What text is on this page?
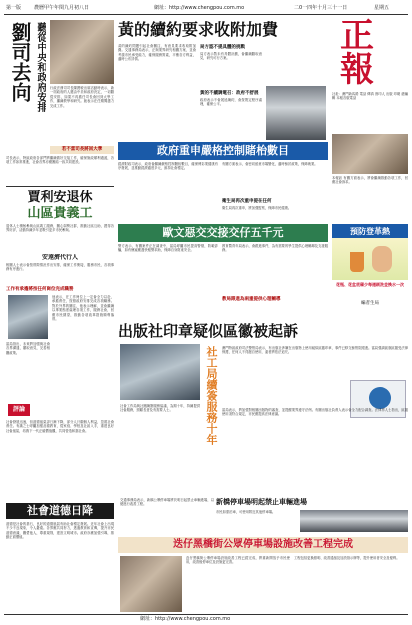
第一版	農曆甲午年閏九月初八日	網址：http://www.chengpou.com.mo	二0一四年十月三十一日	星期五
劉司去向 聽從中央和政府安排 行政法務司司長陳麗敏出席活動時表示，新一屆政府的人選由中央和政府決定，一切聽從安排，如果不再擔任司長會回到大學工作，繼續教學和研究。她表示在任期間盡力完成工作。
若不當司長將回大學
司長表示，特區政府各部門將繼續做好交接工作，確保施政順利過渡，各項工作如常推進，社會各界亦應團結一致共同建設。
賈利安退休
山區貴義工
退休人士積極參與山區義工服務，關心弱勢社群，推動社區互助，獲得各界好評，活動持續多年並吸引更多市民參與。
安遠濟代行人
相關人士表示會按實際情況作出安排，確保工作銜接，服務市民，各項事務有序進行。
工作有承擔將按任何崗位完成職務
他表示，在工作崗位上一定會全力以赴，承擔責任，按照政府安排完成各項職務。對於外界的關注，他表示理解，並會繼續以專業態度處理各項工作，服務社會，回應市民期望，推動各項改革措施順利落實。
當局指出，未來將加強與社會各界溝通，聽取意見，完善相關政策。
評論
社會發展迅速，但道德風氣卻日漸下降，部分人只顧個人利益，忽視社會責任。有識之士呼籲加強品德教育，從家庭、學校及社區入手，重建良好社會風氣，培養下一代正確價值觀，共同營造和諧社會。
社會道德日降
道德是社會的基石，良好的道德風氣有助社會穩定發展。近年社會上出現不少不良現象，令人憂慮。各界應共同努力，透過教育和宣傳，提升市民道德意識，關愛他人，尊重規則，建設文明城市。政府亦應加強引導，推動正面價值。
黃的續約要求收附加費
黃的續約問題引起社會關注，有意見要求收取附加費。交通事務局表示，正與業界研究相關方案，並會考慮市民承受能力，確保服務質素，平衡各方利益，適時公布詳情。
局方認不提具體的挑戰
局方表示暫未有具體計劃，會繼續聽取意見，研究可行方案。
黃的不續調電召：政府不舒展
政府表示不會展延續約，會按既定程序處理，確保公平。
政府重申嚴格控制賭枱數目
經濟財政司表示，政府會繼續嚴格控制賭枱數目，確保博彩業健康有序發展，並推動經濟適度多元，維持社會穩定。
衛生局再次重申提在任何
有關方面表示，會密切留意市場變化，適時檢討政策，保障就業。
衛生局再次重申，將加強監察，保障市民健康。
歐文惡交交接交仔五千元
警方表示，有關案件正在調查中，當局呼籲市民提高警覺，防範詐騙，如有懷疑應盡快報警求助，保障自身財產安全。
教局跟進為兩重提供心理輔導
教育暨青年局表示，會跟進事件，為有需要的學生提供心理輔導及支援服務。
正
報
社址：澳門新馬路 電話 傳真 督印人 出版 印刷 總編輯 本報各版電話
本報訊 有關方面表示，將會繼續推動各項工作，回應社會訴求。
預防登革熱
花瓶、花盆底碟少每週刷洗並換水一次
編者生局
出版社印章疑似區徽被起訴
社工局續簽服務十年 澳門特區政府司法警察局表示，有出版社涉嫌在出版物上使用疑似區徽印章，事件已移交檢察院跟進。當局強調區旗區徽受法律保護，任何人不得擅自使用，違者將依法追究。
社會工作局與社團續簽服務協議，為期十年，持續提供社會服務，照顧長者及有需要人士。	當局表示，將加強對相關出版物的審查，並提醒業界遵守法例。有關出版社負責人表示會全力配合調查。法律界人士指出，區徽使用須符合規定，市民應提高法律意識。
新橋停車場明起禁止車輛進場
交通事務局表示，新橋公眾停車場將於明日起禁止車輛進場，以便進行改善工程。
市民如需泊車，可使用附近其他停車場。
迭仔黑橋街公眾停車場設施改善工程完成
氹仔黑橋街公眾停車場設施改善工程已經完成，將重新開放予市民使用，改善後停車位及設施更完善。
工程包括更換照明、改善通風及加設指示牌等，提升使用者安全及便利。
網址：http://www.chengpou.com.mo
